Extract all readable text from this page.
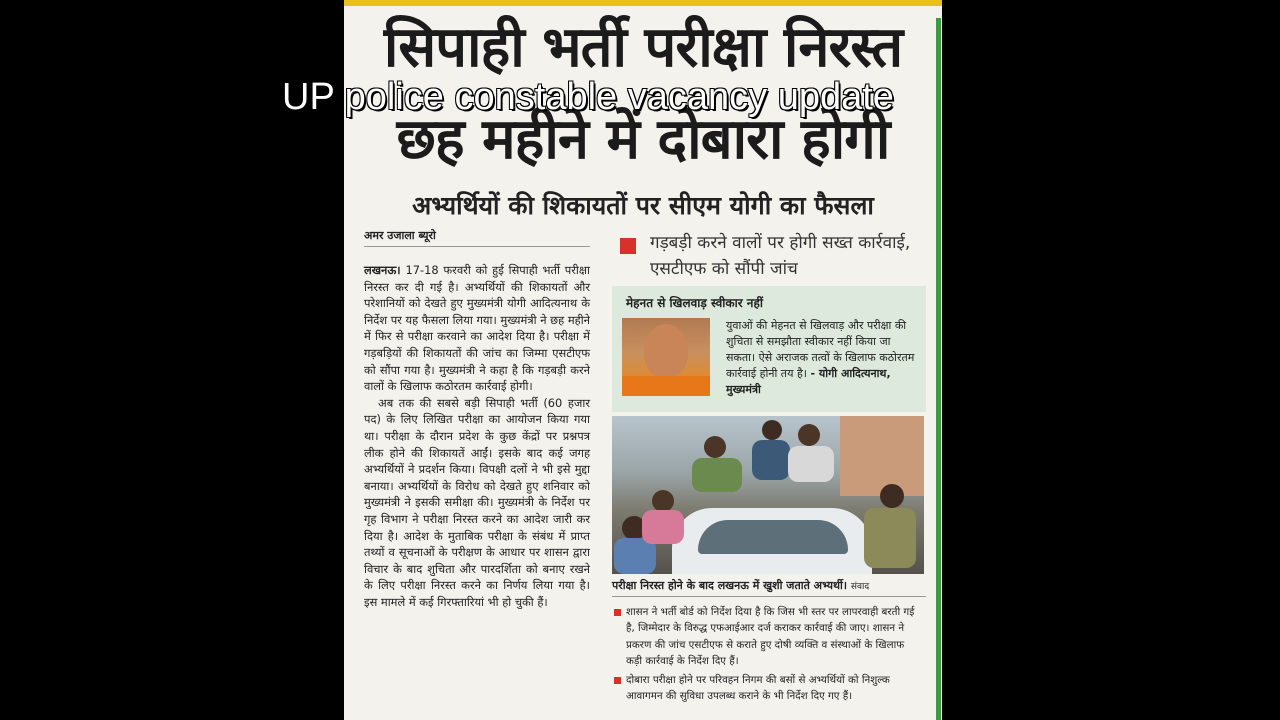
सिपाही भर्ती परीक्षा निरस्त
छह महीने में दोबारा होगी
अभ्यर्थियों की शिकायतों पर सीएम योगी का फैसला
अमर उजाला ब्यूरो

लखनऊ। 17-18 फरवरी को हुई सिपाही भर्ती परीक्षा निरस्त कर दी गई है। अभ्यर्थियों की शिकायतों और परेशानियों को देखते हुए मुख्यमंत्री योगी आदित्यनाथ के निर्देश पर यह फैसला लिया गया। मुख्यमंत्री ने छह महीने में फिर से परीक्षा करवाने का आदेश दिया है। परीक्षा में गड़बड़ियों की शिकायतों की जांच का जिम्मा एसटीएफ को सौंपा गया है। मुख्यमंत्री ने कहा है कि गड़बड़ी करने वालों के खिलाफ कठोरतम कार्रवाई होगी।

अब तक की सबसे बड़ी सिपाही भर्ती (60 हजार पद) के लिए लिखित परीक्षा का आयोजन किया गया था। परीक्षा के दौरान प्रदेश के कुछ केंद्रों पर प्रश्नपत्र लीक होने की शिकायतें आईं। इसके बाद कई जगह अभ्यर्थियों ने प्रदर्शन किया। विपक्षी दलों ने भी इसे मुद्दा बनाया। अभ्यर्थियों के विरोध को देखते हुए शनिवार को मुख्यमंत्री ने इसकी समीक्षा की। मुख्यमंत्री के निर्देश पर गृह विभाग ने परीक्षा निरस्त करने का आदेश जारी कर दिया है। आदेश के मुताबिक परीक्षा के संबंध में प्राप्त तथ्यों व सूचनाओं के परीक्षण के आधार पर शासन द्वारा विचार के बाद शुचिता और पारदर्शिता को बनाए रखने के लिए परीक्षा निरस्त करने का निर्णय लिया गया है। इस मामले में कई गिरफ्तारियां भी हो चुकी हैं।

गड़बड़ी करने वालों पर होगी सख्त कार्रवाई, एसटीएफ को सौंपी जांच
मेहनत से खिलवाड़ स्वीकार नहीं
युवाओं की मेहनत से खिलवाड़ और परीक्षा की शुचिता से समझौता स्वीकार नहीं किया जा सकता। ऐसे अराजक तत्वों के खिलाफ कठोरतम कार्रवाई होनी तय है। - योगी आदित्यनाथ, मुख्यमंत्री
परीक्षा निरस्त होने के बाद लखनऊ में खुशी जताते अभ्यर्थी। संवाद
शासन ने भर्ती बोर्ड को निर्देश दिया है कि जिस भी स्तर पर लापरवाही बरती गई है, जिम्मेदार के विरुद्ध एफआईआर दर्ज कराकर कार्रवाई की जाए। शासन ने प्रकरण की जांच एसटीएफ से कराते हुए दोषी व्यक्ति व संस्थाओं के खिलाफ कड़ी कार्रवाई के निर्देश दिए हैं।
दोबारा परीक्षा होने पर परिवहन निगम की बसों से अभ्यर्थियों को निशुल्क आवागमन की सुविधा उपलब्ध कराने के भी निर्देश दिए गए हैं।
UP police constable vacancy update
